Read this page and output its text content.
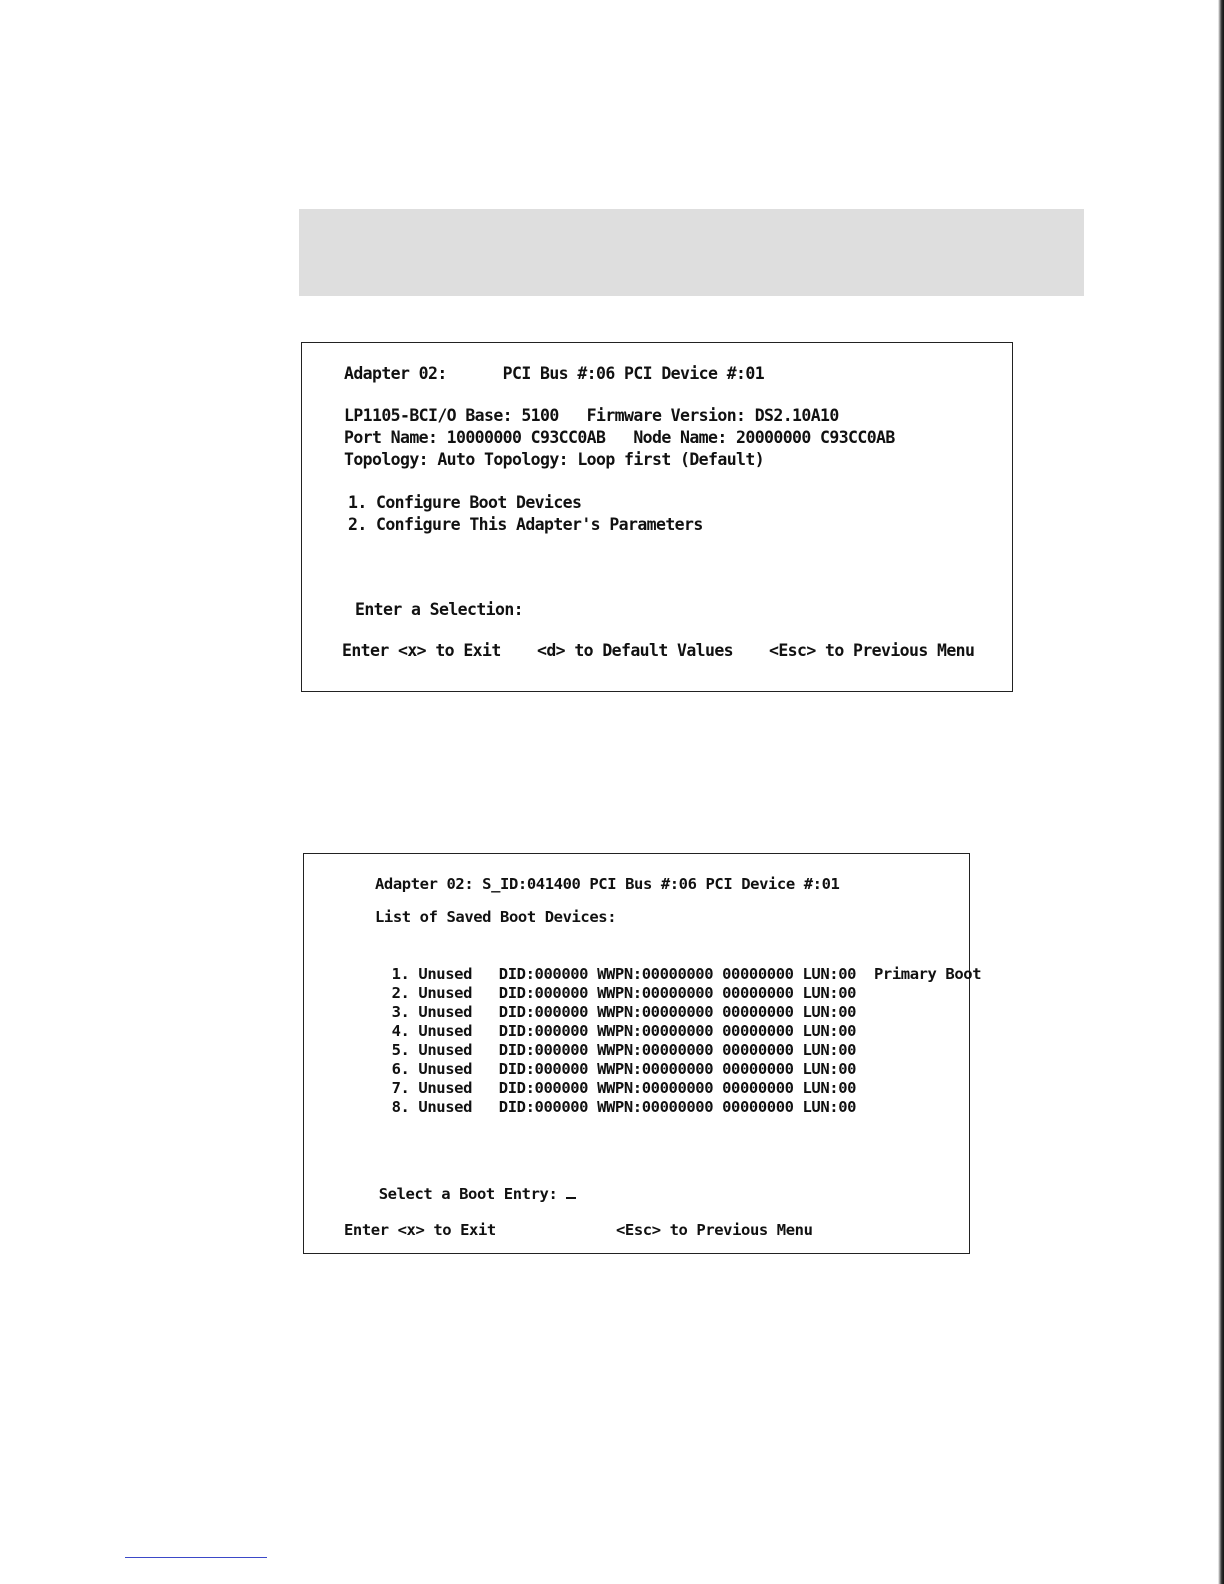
Adapter 02:      PCI Bus #:06 PCI Device #:01
LP1105-BCI/O Base: 5100   Firmware Version: DS2.10A10
Port Name: 10000000 C93CC0AB   Node Name: 20000000 C93CC0AB
Topology: Auto Topology: Loop first (Default)
1. Configure Boot Devices
2. Configure This Adapter's Parameters
Enter a Selection:
Enter <x> to Exit <d> to Default Values <Esc> to Previous Menu
Adapter 02: S_ID:041400 PCI Bus #:06 PCI Device #:01
List of Saved Boot Devices:

1. Unused DID:000000 WWPN:00000000 00000000 LUN:00 Primary Boot

2. Unused DID:000000 WWPN:00000000 00000000 LUN:00

3. Unused DID:000000 WWPN:00000000 00000000 LUN:00

4. Unused DID:000000 WWPN:00000000 00000000 LUN:00

5. Unused DID:000000 WWPN:00000000 00000000 LUN:00

6. Unused DID:000000 WWPN:00000000 00000000 LUN:00

7. Unused DID:000000 WWPN:00000000 00000000 LUN:00

8. Unused DID:000000 WWPN:00000000 00000000 LUN:00

Select a Boot Entry:

Enter <x> to Exit	<Esc> to Previous Menu
